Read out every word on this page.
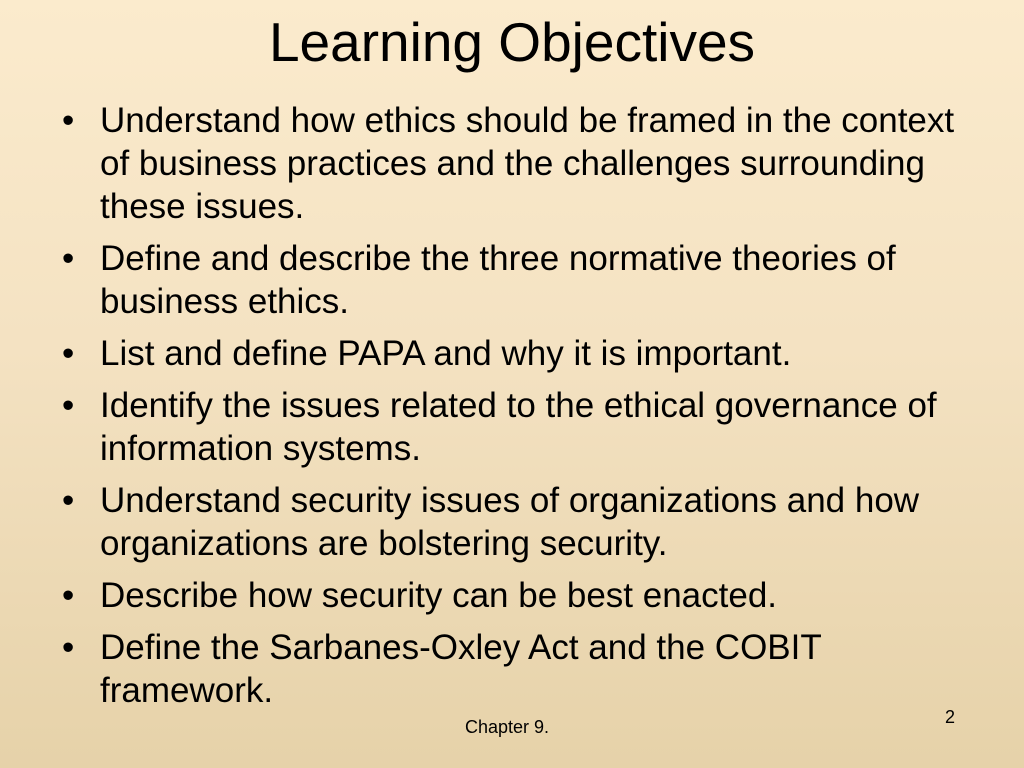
Learning Objectives
• Understand how ethics should be framed in the context of business practices and the challenges surrounding these issues.
• Define and describe the three normative theories of business ethics.
• List and define PAPA and why it is important.
• Identify the issues related to the ethical governance of information systems.
• Understand security issues of organizations and how organizations are bolstering security.
• Describe how security can be best enacted.
• Define the Sarbanes-Oxley Act and the COBIT framework.
Chapter 9.	2
